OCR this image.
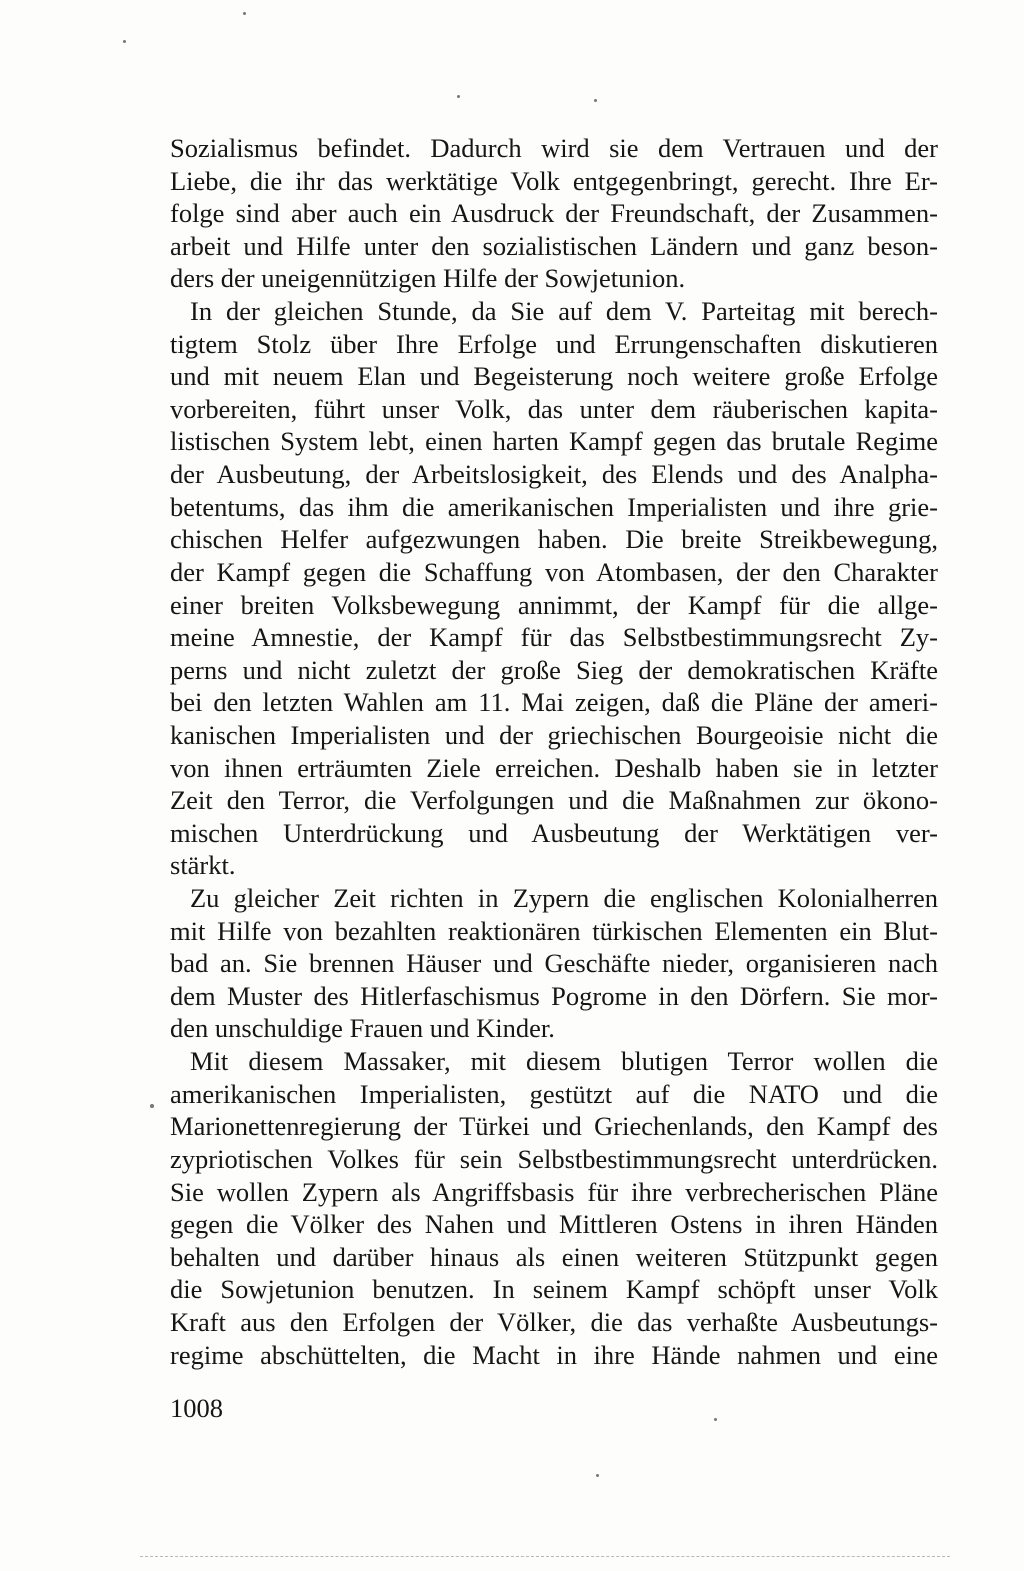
Sozialismus befindet. Dadurch wird sie dem Vertrauen und der
Liebe, die ihr das werktätige Volk entgegenbringt, gerecht. Ihre Er-
folge sind aber auch ein Ausdruck der Freundschaft, der Zusammen-
arbeit und Hilfe unter den sozialistischen Ländern und ganz beson-
ders der uneigennützigen Hilfe der Sowjetunion.
In der gleichen Stunde, da Sie auf dem V. Parteitag mit berech-
tigtem Stolz über Ihre Erfolge und Errungenschaften diskutieren
und mit neuem Elan und Begeisterung noch weitere große Erfolge
vorbereiten, führt unser Volk, das unter dem räuberischen kapita-
listischen System lebt, einen harten Kampf gegen das brutale Regime
der Ausbeutung, der Arbeitslosigkeit, des Elends und des Analpha-
betentums, das ihm die amerikanischen Imperialisten und ihre grie-
chischen Helfer aufgezwungen haben. Die breite Streikbewegung,
der Kampf gegen die Schaffung von Atombasen, der den Charakter
einer breiten Volksbewegung annimmt, der Kampf für die allge-
meine Amnestie, der Kampf für das Selbstbestimmungsrecht Zy-
perns und nicht zuletzt der große Sieg der demokratischen Kräfte
bei den letzten Wahlen am 11. Mai zeigen, daß die Pläne der ameri-
kanischen Imperialisten und der griechischen Bourgeoisie nicht die
von ihnen erträumten Ziele erreichen. Deshalb haben sie in letzter
Zeit den Terror, die Verfolgungen und die Maßnahmen zur ökono-
mischen Unterdrückung und Ausbeutung der Werktätigen ver-
stärkt.
Zu gleicher Zeit richten in Zypern die englischen Kolonialherren
mit Hilfe von bezahlten reaktionären türkischen Elementen ein Blut-
bad an. Sie brennen Häuser und Geschäfte nieder, organisieren nach
dem Muster des Hitlerfaschismus Pogrome in den Dörfern. Sie mor-
den unschuldige Frauen und Kinder.
Mit diesem Massaker, mit diesem blutigen Terror wollen die
amerikanischen Imperialisten, gestützt auf die NATO und die
Marionettenregierung der Türkei und Griechenlands, den Kampf des
zypriotischen Volkes für sein Selbstbestimmungsrecht unterdrücken.
Sie wollen Zypern als Angriffsbasis für ihre verbrecherischen Pläne
gegen die Völker des Nahen und Mittleren Ostens in ihren Händen
behalten und darüber hinaus als einen weiteren Stützpunkt gegen
die Sowjetunion benutzen. In seinem Kampf schöpft unser Volk
Kraft aus den Erfolgen der Völker, die das verhaßte Ausbeutungs-
regime abschüttelten, die Macht in ihre Hände nahmen und eine
1008
